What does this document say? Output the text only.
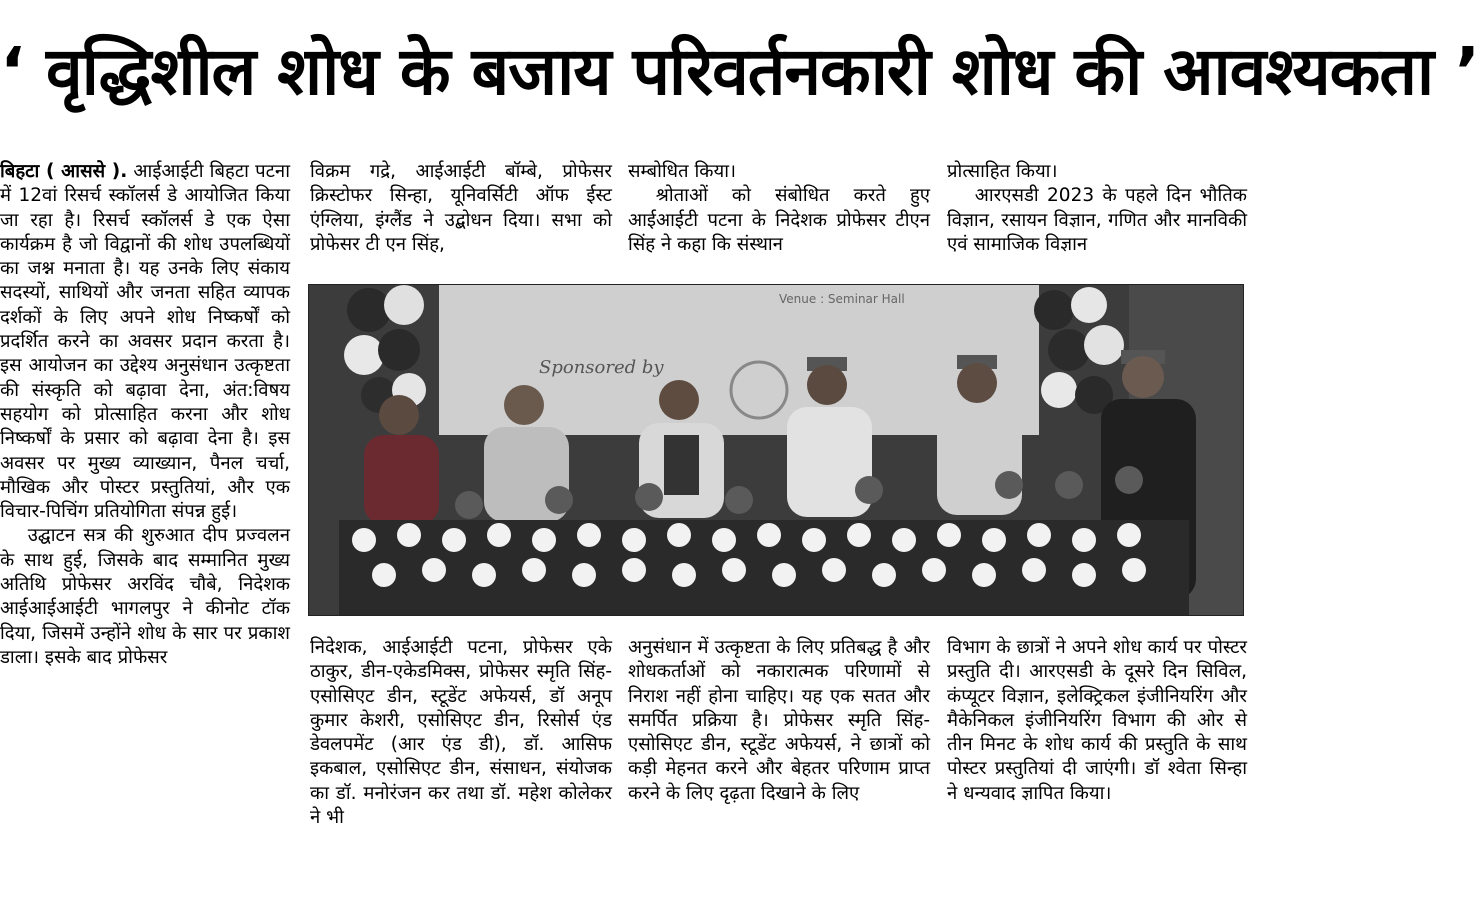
‘ वृद्धिशील शोध के बजाय परिवर्तनकारी शोध की आवश्यकता ’

बिहटा ( आससे ). आईआईटी बिहटा पटना में 12वां रिसर्च स्कॉलर्स डे आयोजित किया जा रहा है। रिसर्च स्कॉलर्स डे एक ऐसा कार्यक्रम है जो विद्वानों की शोध उपलब्धियों का जश्न मनाता है। यह उनके लिए संकाय सदस्यों, साथियों और जनता सहित व्यापक दर्शकों के लिए अपने शोध निष्कर्षों को प्रदर्शित करने का अवसर प्रदान करता है। इस आयोजन का उद्देश्य अनुसंधान उत्कृष्टता की संस्कृति को बढ़ावा देना, अंत:विषय सहयोग को प्रोत्साहित करना और शोध निष्कर्षों के प्रसार को बढ़ावा देना है। इस अवसर पर मुख्य व्याख्यान, पैनल चर्चा, मौखिक और पोस्टर प्रस्तुतियां, और एक विचार-पिचिंग प्रतियोगिता संपन्न हुई।

उद्घाटन सत्र की शुरुआत दीप प्रज्वलन के साथ हुई, जिसके बाद सम्मानित मुख्य अतिथि प्रोफेसर अरविंद चौबे, निदेशक आईआईआईटी भागलपुर ने कीनोट टॉक दिया, जिसमें उन्होंने शोध के सार पर प्रकाश डाला। इसके बाद प्रोफेसर

विक्रम गद्रे, आईआईटी बॉम्बे, प्रोफेसर क्रिस्टोफर सिन्हा, यूनिवर्सिटी ऑफ ईस्ट एंग्लिया, इंग्लैंड ने उद्बोधन दिया। सभा को प्रोफेसर टी एन सिंह,

सम्बोधित किया।

श्रोताओं को संबोधित करते हुए आईआईटी पटना के निदेशक प्रोफेसर टीएन सिंह ने कहा कि संस्थान

प्रोत्साहित किया।

आरएसडी 2023 के पहले दिन भौतिक विज्ञान, रसायन विज्ञान, गणित और मानविकी एवं सामाजिक विज्ञान

Sponsored by
Venue : Seminar Hall

निदेशक, आईआईटी पटना, प्रोफेसर एके ठाकुर, डीन-एकेडमिक्स, प्रोफेसर स्मृति सिंह- एसोसिएट डीन, स्टूडेंट अफेयर्स, डॉ अनूप कुमार केशरी, एसोसिएट डीन, रिसोर्स एंड डेवलपमेंट (आर एंड डी), डॉ. आसिफ इकबाल, एसोसिएट डीन, संसाधन, संयोजक का डॉ. मनोरंजन कर तथा डॉ. महेश कोलेकर ने भी

अनुसंधान में उत्कृष्टता के लिए प्रतिबद्ध है और शोधकर्ताओं को नकारात्मक परिणामों से निराश नहीं होना चाहिए। यह एक सतत और समर्पित प्रक्रिया है। प्रोफेसर स्मृति सिंह- एसोसिएट डीन, स्टूडेंट अफेयर्स, ने छात्रों को कड़ी मेहनत करने और बेहतर परिणाम प्राप्त करने के लिए दृढ़ता दिखाने के लिए

विभाग के छात्रों ने अपने शोध कार्य पर पोस्टर प्रस्तुति दी। आरएसडी के दूसरे दिन सिविल, कंप्यूटर विज्ञान, इलेक्ट्रिकल इंजीनियरिंग और मैकेनिकल इंजीनियरिंग विभाग की ओर से तीन मिनट के शोध कार्य की प्रस्तुति के साथ पोस्टर प्रस्तुतियां दी जाएंगी। डॉ श्वेता सिन्हा ने धन्यवाद ज्ञापित किया।
